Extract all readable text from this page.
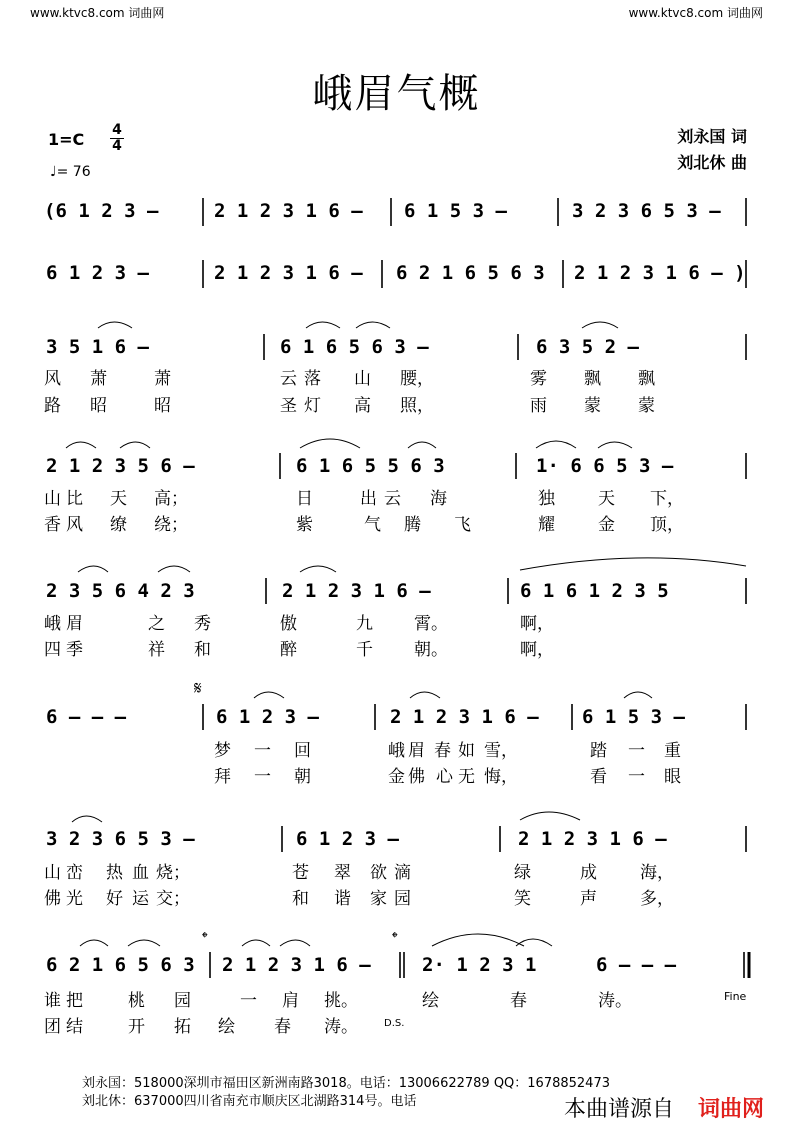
www.ktvc8.com 词曲网	www.ktvc8.com 词曲网
峨眉气概
1=C 4
4
♩= 76
刘永国 词
刘北休 曲
(6 1 2 3 –	2 1 2 3 1 6 – 6 1 5 3 –	3 2 3 6 5 3 –
6 1 2 3 –	2 1 2 3 1 6 – 6 2 1 6 5 6 3 2 1 2 3 1 6 – )
3 5 1 6 –	6 1 6 5 6 3 –	6 3 5 2 –
风 萧	萧	云 落 山 腰，	雾 飘 飘
路 昭	昭	圣 灯 高 照，	雨 蒙 蒙
2 1 2 3 5 6 –	6 1 6 5 5 6 3	1· 6 6 5 3 –
山 比 天 高；	日	出 云 海	独	天 下，
香 风 缭 绕；	紫	气 腾 飞	耀	金 顶，
2 3 5 6 4 2 3	2 1 2 3 1 6 –	6 1 6 1 2 3 5
峨 眉	之 秀	傲	九 霄。	啊，
四 季	祥 和	醉	千 朝。	啊，
𝄋
6 – – –	6 1 2 3 –	2 1 2 3 1 6 – 6 1 5 3 –
梦 一 回	峨 眉 春 如 雪，	踏 一 重
拜 一 朝	金 佛 心 无 悔，	看 一 眼
3 2 3 6 5 3 –	6 1 2 3 –	2 1 2 3 1 6 –
山 峦 热 血 烧；	苍 翠 欲 滴	绿	成	海，
佛 光 好 运 交；	和 谐 家 园	笑	声	多，
𝄌	𝄌
6 2 1 6 5 6 3 2 1 2 3 1 6 –	2· 1 2 3 1	6 – – –
谁 把	桃 园	一 肩 挑。	绘	春	涛。
团 结	开 拓 绘 春 涛。
Fine
D.S.
刘永国：518000深圳市福田区新洲南路3018。电话：13006622789 QQ：1678852473
刘北休：637000四川省南充市顺庆区北湖路314号。电话	本曲谱源自 词曲网
